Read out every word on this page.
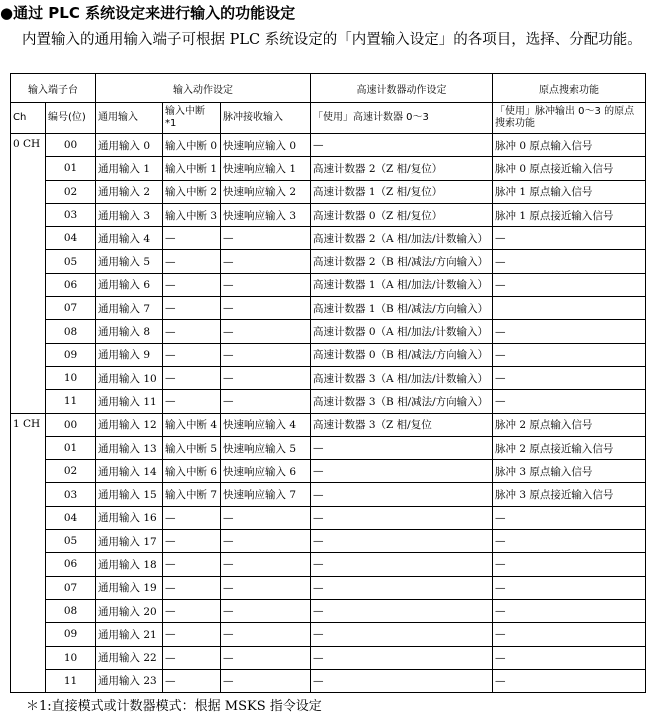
●通过 PLC 系统设定来进行输入的功能设定
内置输入的通用输入端子可根据 PLC 系统设定的「内置输入设定」的各项目，选择、分配功能。
输入端子台		输入动作设定			高速计数器动作设定	原点搜索功能
Ch	编号(位)	通用输入	输入中断 *1	脉冲接收输入	「使用」高速计数器 0～3	「使用」脉冲输出 0～3 的原点搜索功能
0 CH	00	通用输入 0	输入中断 0	快速响应输入 0	—	脉冲 0 原点输入信号
	01	通用输入 1	输入中断 1	快速响应输入 1	高速计数器 2（Z 相/复位）	脉冲 0 原点接近输入信号
	02	通用输入 2	输入中断 2	快速响应输入 2	高速计数器 1（Z 相/复位）	脉冲 1 原点输入信号
	03	通用输入 3	输入中断 3	快速响应输入 3	高速计数器 0（Z 相/复位）	脉冲 1 原点接近输入信号
	04	通用输入 4	—	—	高速计数器 2（A 相/加法/计数输入）	—
	05	通用输入 5	—	—	高速计数器 2（B 相/减法/方向输入）	—
	06	通用输入 6	—	—	高速计数器 1（A 相/加法/计数输入）	—
	07	通用输入 7	—	—	高速计数器 1（B 相/减法/方向输入）	
	08	通用输入 8	—	—	高速计数器 0（A 相/加法/计数输入）	—
	09	通用输入 9	—	—	高速计数器 0（B 相/减法/方向输入）	—
	10	通用输入 10	—	—	高速计数器 3（A 相/加法/计数输入）	—
	11	通用输入 11	—	—	高速计数器 3（B 相/减法/方向输入）	—
1 CH	00	通用输入 12	输入中断 4	快速响应输入 4	高速计数器 3（Z 相/复位	脉冲 2 原点输入信号
	01	通用输入 13	输入中断 5	快速响应输入 5	—	脉冲 2 原点接近输入信号
	02	通用输入 14	输入中断 6	快速响应输入 6	—	脉冲 3 原点输入信号
	03	通用输入 15	输入中断 7	快速响应输入 7	—	脉冲 3 原点接近输入信号
	04	通用输入 16	—	—	—	—
	05	通用输入 17	—	—	—	—
	06	通用输入 18	—	—	—	—
	07	通用输入 19	—	—	—	—
	08	通用输入 20	—	—	—	—
	09	通用输入 21	—	—	—	—
	10	通用输入 22	—	—	—	—
	11	通用输入 23	—	—	—	—
＊1:直接模式或计数器模式：根据 MSKS 指令设定
